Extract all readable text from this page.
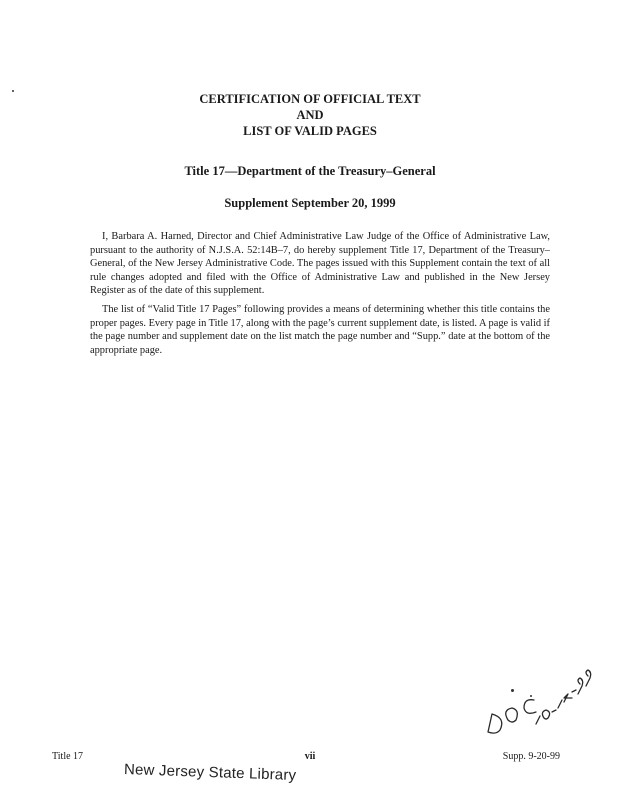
CERTIFICATION OF OFFICIAL TEXT
AND
LIST OF VALID PAGES
Title 17—Department of the Treasury–General
Supplement September 20, 1999

I, Barbara A. Harned, Director and Chief Administrative Law Judge of the Office of Administrative Law, pursuant to the authority of N.J.S.A. 52:14B–7, do hereby supplement Title 17, Department of the Treasury–General, of the New Jersey Administrative Code. The pages issued with this Supplement contain the text of all rule changes adopted and filed with the Office of Administrative Law and published in the New Jersey Register as of the date of this supplement.

The list of “Valid Title 17 Pages” following provides a means of determining whether this title contains the proper pages. Every page in Title 17, along with the page’s current supplement date, is listed. A page is valid if the page number and supplement date on the list match the page number and “Supp.” date at the bottom of the appropriate page.

Title 17	vii	Supp. 9-20-99
New Jersey State Library
